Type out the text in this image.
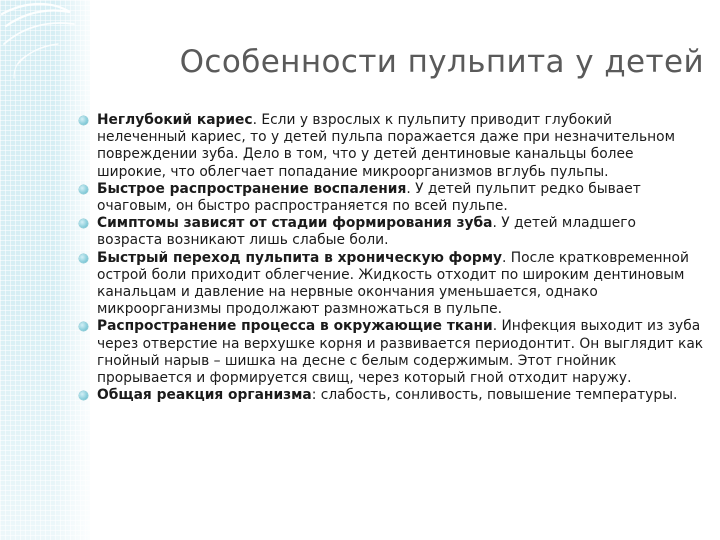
Особенности пульпита у детей
Неглубокий кариес. Если у взрослых к пульпиту приводит глубокий нелеченный кариес, то у детей пульпа поражается даже при незначительном повреждении зуба. Дело в том, что у детей дентиновые канальцы более широкие, что облегчает попадание микроорганизмов вглубь пульпы.
Быстрое распространение воспаления. У детей пульпит редко бывает очаговым, он быстро распространяется по всей пульпе.
Симптомы зависят от стадии формирования зуба. У детей младшего возраста возникают лишь слабые боли.
Быстрый переход пульпита в хроническую форму. После кратковременной острой боли приходит облегчение. Жидкость отходит по широким дентиновым канальцам и давление на нервные окончания уменьшается, однако микроорганизмы продолжают размножаться в пульпе.
Распространение процесса в окружающие ткани. Инфекция выходит из зуба через отверстие на верхушке корня и развивается периодонтит. Он выглядит как гнойный нарыв – шишка на десне с белым содержимым. Этот гнойник прорывается и формируется свищ, через который гной отходит наружу.
Общая реакция организма: слабость, сонливость, повышение температуры.
